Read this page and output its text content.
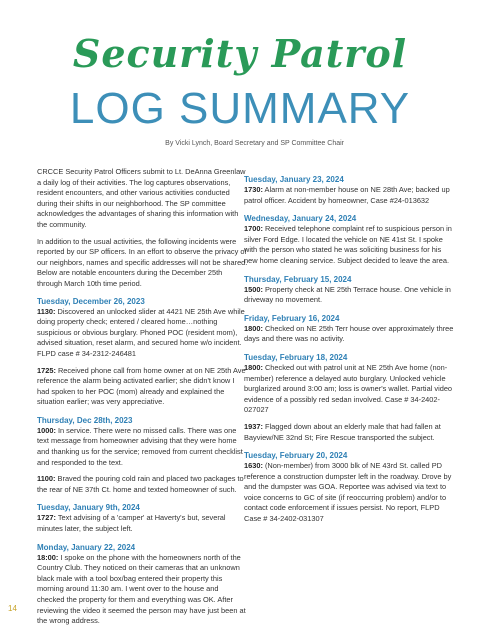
Security Patrol
LOG SUMMARY
By Vicki Lynch, Board Secretary and SP Committee Chair

CRCCE Security Patrol Officers submit to Lt. DeAnna Greenlaw a daily log of their activities. The log captures observations, resident encounters, and other various activities conducted during their shifts in our neighborhood. The SP committee acknowledges the advantages of sharing this information with the community.

In addition to the usual activities, the following incidents were reported by our SP officers. In an effort to observe the privacy of our neighbors, names and specific addresses will not be shared. Below are notable encounters during the December 25th through March 10th time period.

Tuesday, December 26, 2023

1130: Discovered an unlocked slider at 4421 NE 25th Ave while doing property check; entered / cleared home…nothing suspicious or obvious burglary. Phoned POC (resident mom), advised situation, reset alarm, and secured home w/o incident. FLPD case # 34-2312-246481

1725: Received phone call from home owner at on NE 25th Ave reference the alarm being activated earlier; she didn't know I had spoken to her POC (mom) already and explained the situation earlier; was very appreciative.

Thursday, Dec 28th, 2023

1000: In service. There were no missed calls. There was one text message from homeowner advising that they were home and thanking us for the service; removed from current checklist and responded to the text.

1100: Braved the pouring cold rain and placed two packages to the rear of NE 37th Ct. home and texted homeowner of such.

Tuesday, January 9th, 2024

1727: Text advising of a 'camper' at Haverty's but, several minutes later, the subject left.

Monday, January 22, 2024

18:00: I spoke on the phone with the homeowners north of the Country Club. They noticed on their cameras that an unknown black male with a tool box/bag entered their property this morning around 11:30 am. I went over to the house and checked the property for them and everything was OK. After reviewing the video it seemed the person may have just been at the wrong address.

Tuesday, January 23, 2024

1730: Alarm at non-member house on NE 28th Ave; backed up patrol officer. Accident by homeowner, Case #24-013632

Wednesday, January 24, 2024

1700: Received telephone complaint ref to suspicious person in silver Ford Edge. I located the vehicle on NE 41st St. I spoke with the person who stated he was soliciting business for his new home cleaning service. Subject decided to leave the area.

Thursday, February 15, 2024

1500: Property check at NE 25th Terrace house. One vehicle in driveway no movement.

Friday, February 16, 2024

1800: Checked on NE 25th Terr house over approximately three days and there was no activity.

Tuesday, February 18, 2024

1800: Checked out with patrol unit at NE 25th Ave home (non-member) reference a delayed auto burglary. Unlocked vehicle burglarized around 3:00 am; loss is owner's wallet. Partial video evidence of a possibly red sedan involved. Case # 34-2402-027027

1937: Flagged down about an elderly male that had fallen at Bayview/NE 32nd St; Fire Rescue transported the subject.

Tuesday, February 20, 2024

1630: (Non-member) from 3000 blk of NE 43rd St. called PD reference a construction dumpster left in the roadway. Drove by and the dumpster was GOA. Reportee was advised via text to voice concerns to GC of site (if reoccurring problem) and/or to contact code enforcement if issues persist. No report, FLPD Case # 34-2402-031307

14
